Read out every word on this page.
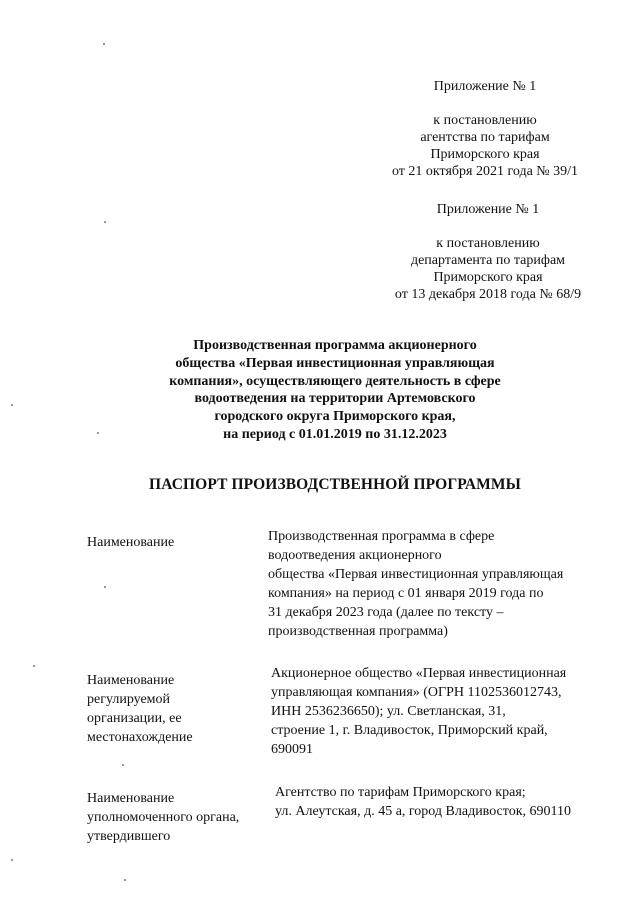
Приложение № 1
к постановлению
агентства по тарифам
Приморского края
от 21 октября 2021 года № 39/1
Приложение № 1
к постановлению
департамента по тарифам
Приморского края
от 13 декабря 2018 года № 68/9
Производственная программа акционерного
общества «Первая инвестиционная управляющая
компания», осуществляющего деятельность в сфере
водоотведения на территории Артемовского
городского округа Приморского края,
на период с 01.01.2019 по 31.12.2023
ПАСПОРТ ПРОИЗВОДСТВЕННОЙ ПРОГРАММЫ
Наименование	Производственная программа в сфере
водоотведения акционерного
общества «Первая инвестиционная управляющая
компания» на период с 01 января 2019 года по
31 декабря 2023 года (далее по тексту –
производственная программа)
Наименование
регулируемой
организации, ее
местонахождение
Акционерное общество «Первая инвестиционная
управляющая компания» (ОГРН 1102536012743,
ИНН 2536236650); ул. Светланская, 31,
строение 1, г. Владивосток, Приморский край,
690091
Наименование
уполномоченного органа,
утвердившего
Агентство по тарифам Приморского края;
ул. Алеутская, д. 45 а, город Владивосток, 690110
